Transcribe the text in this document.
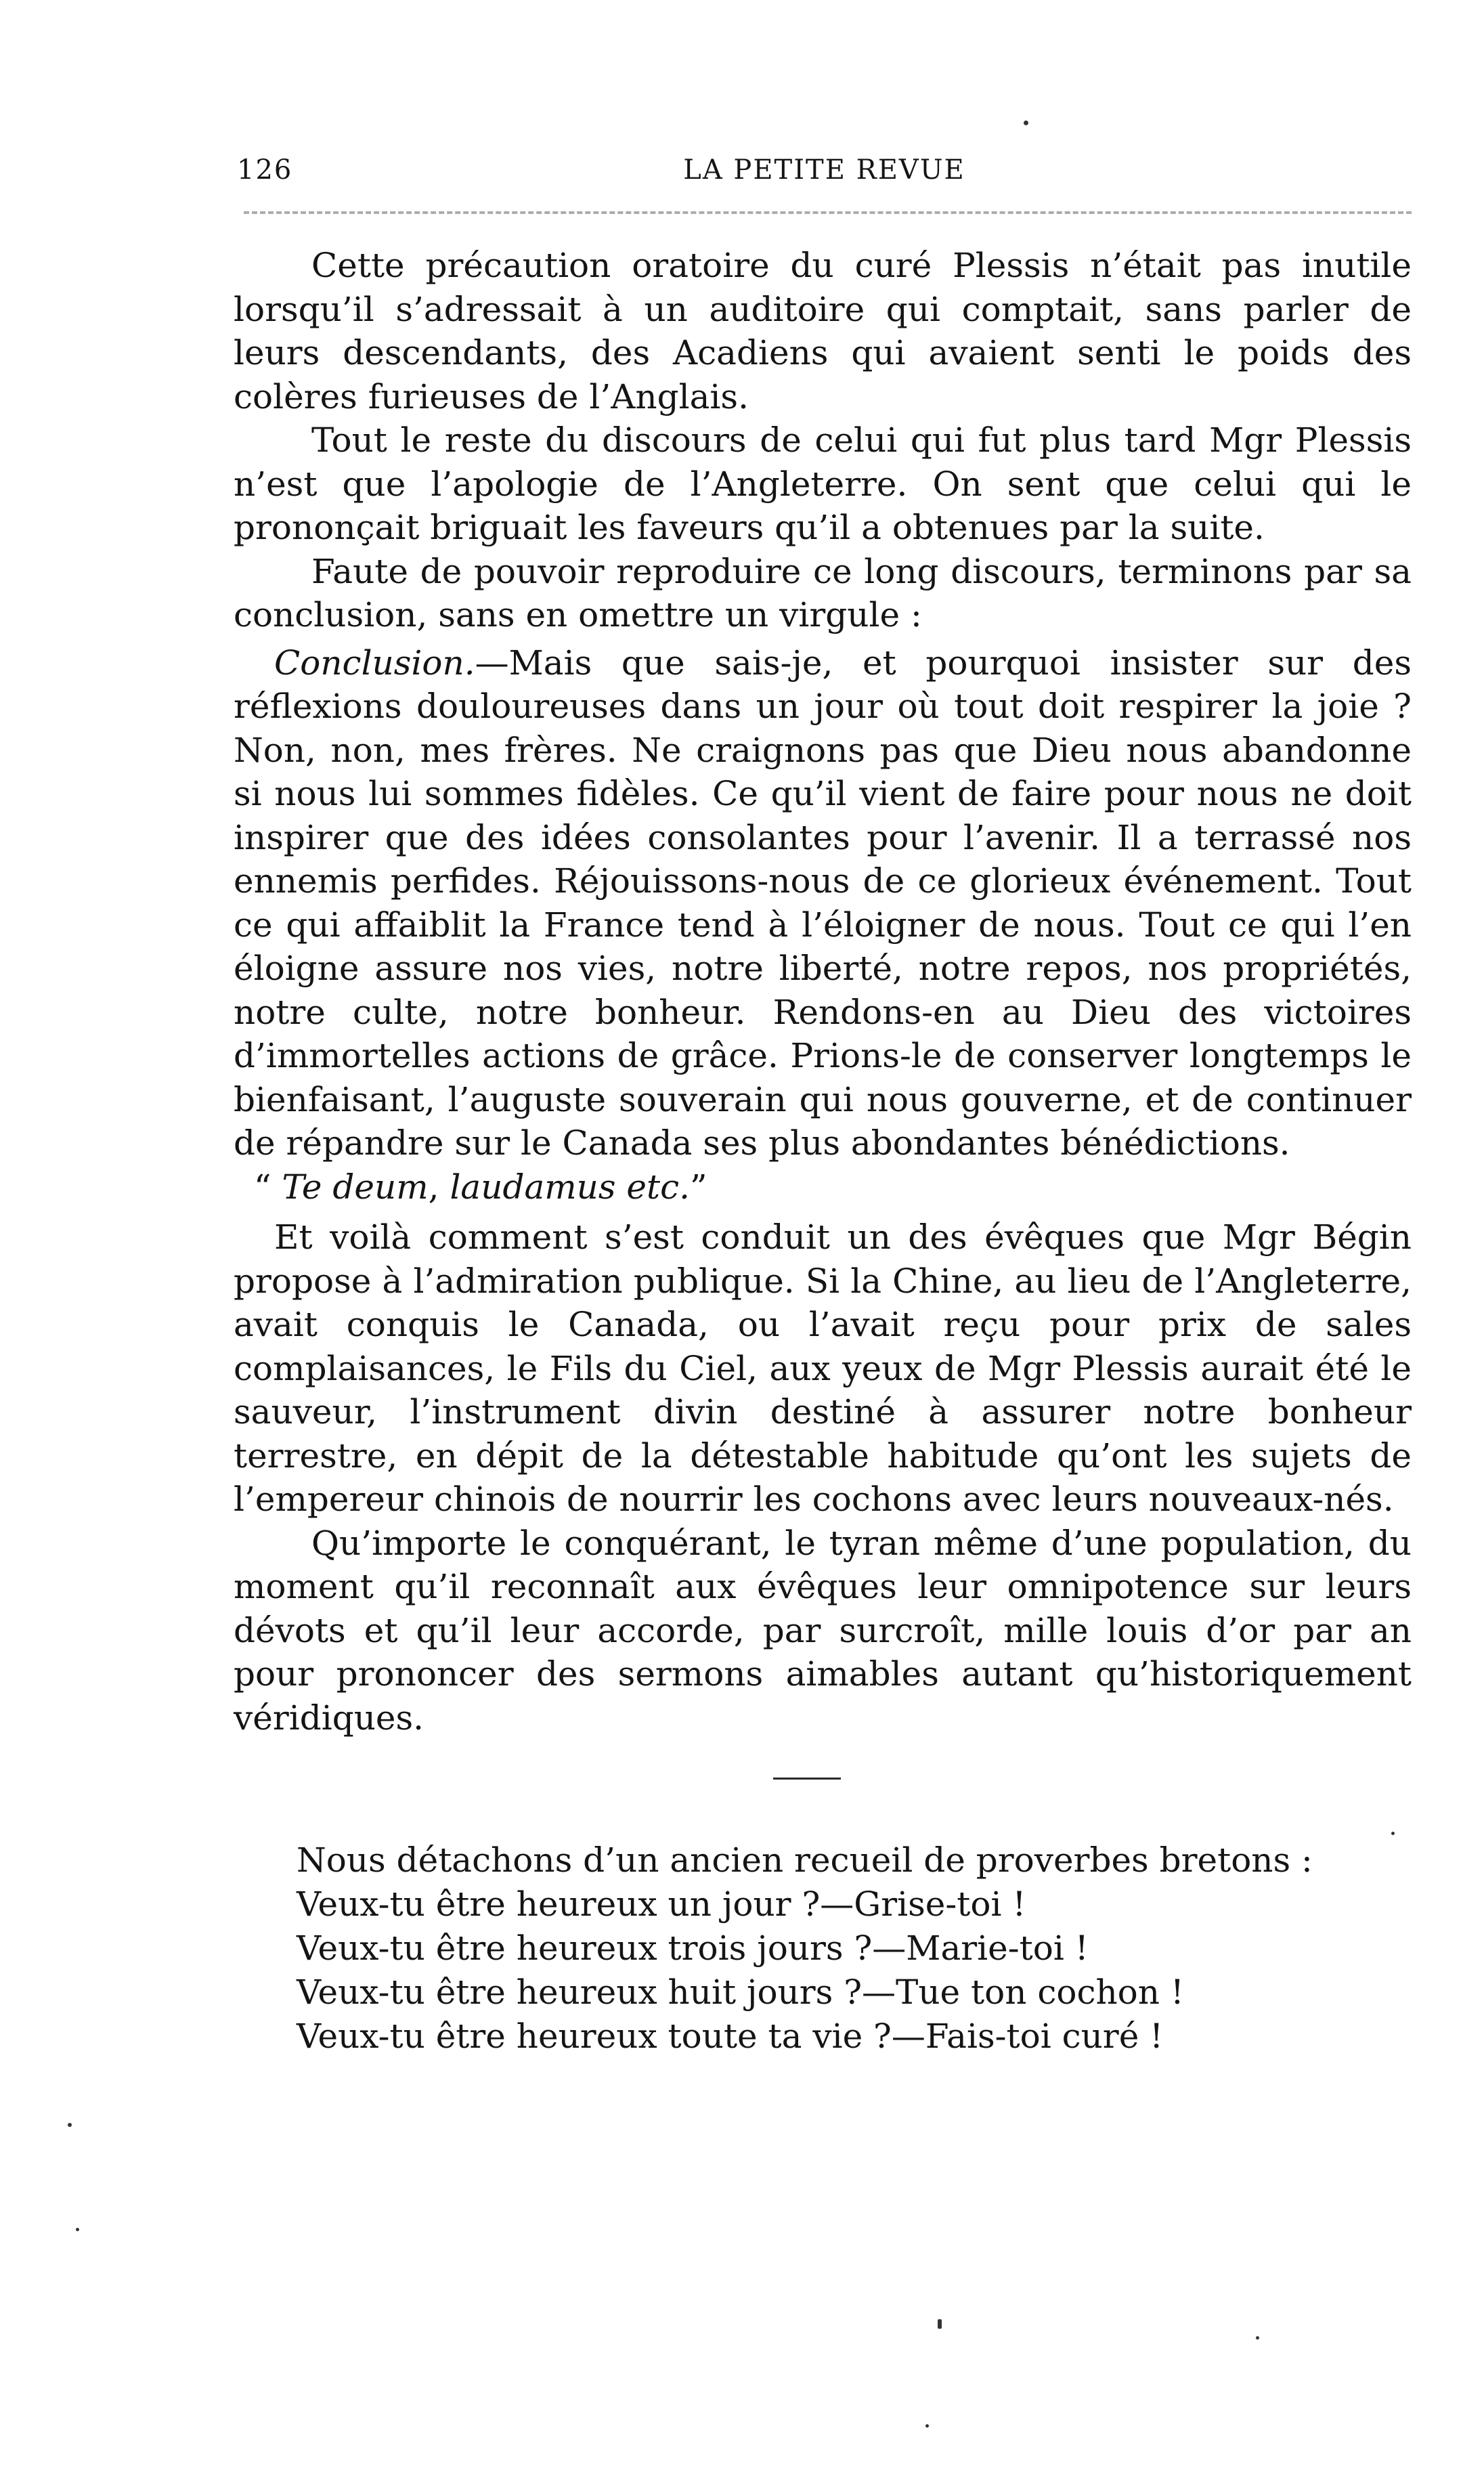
126	LA PETITE REVUE

Cette précaution oratoire du curé Plessis n’était pas inutile lorsqu’il s’adressait à un auditoire qui comptait, sans parler de leurs descendants, des Acadiens qui avaient senti le poids des colères furieuses de l’Anglais.

Tout le reste du discours de celui qui fut plus tard Mgr Plessis n’est que l’apologie de l’Angleterre. On sent que celui qui le prononçait briguait les faveurs qu’il a obtenues par la suite.

Faute de pouvoir reproduire ce long discours, terminons par sa conclusion, sans en omettre un virgule :

Conclusion.—Mais que sais-je, et pourquoi insister sur des réflexions douloureuses dans un jour où tout doit respirer la joie ? Non, non, mes frères. Ne craignons pas que Dieu nous abandonne si nous lui sommes fidèles. Ce qu’il vient de faire pour nous ne doit inspirer que des idées consolantes pour l’avenir. Il a terrassé nos ennemis perfides. Réjouissons-nous de ce glorieux événement. Tout ce qui affaiblit la France tend à l’éloigner de nous. Tout ce qui l’en éloigne assure nos vies, notre liberté, notre repos, nos propriétés, notre culte, notre bonheur. Rendons-en au Dieu des victoires d’immortelles actions de grâce. Prions-le de conserver longtemps le bienfaisant, l’auguste souverain qui nous gouverne, et de continuer de répandre sur le Canada ses plus abondantes bénédictions.

“ Te deum, laudamus etc.”

Et voilà comment s’est conduit un des évêques que Mgr Bégin propose à l’admiration publique. Si la Chine, au lieu de l’Angleterre, avait conquis le Canada, ou l’avait reçu pour prix de sales complaisances, le Fils du Ciel, aux yeux de Mgr Plessis aurait été le sauveur, l’instrument divin destiné à assurer notre bonheur terrestre, en dépit de la détestable habitude qu’ont les sujets de l’empereur chinois de nourrir les cochons avec leurs nouveaux-nés.

Qu’importe le conquérant, le tyran même d’une population, du moment qu’il reconnaît aux évêques leur omnipotence sur leurs dévots et qu’il leur accorde, par surcroît, mille louis d’or par an pour prononcer des sermons aimables autant qu’historiquement véridiques.

Nous détachons d’un ancien recueil de proverbes bretons :

Veux-tu être heureux un jour ?—Grise-toi !
Veux-tu être heureux trois jours ?—Marie-toi !
Veux-tu être heureux huit jours ?—Tue ton cochon !
Veux-tu être heureux toute ta vie ?—Fais-toi curé !
